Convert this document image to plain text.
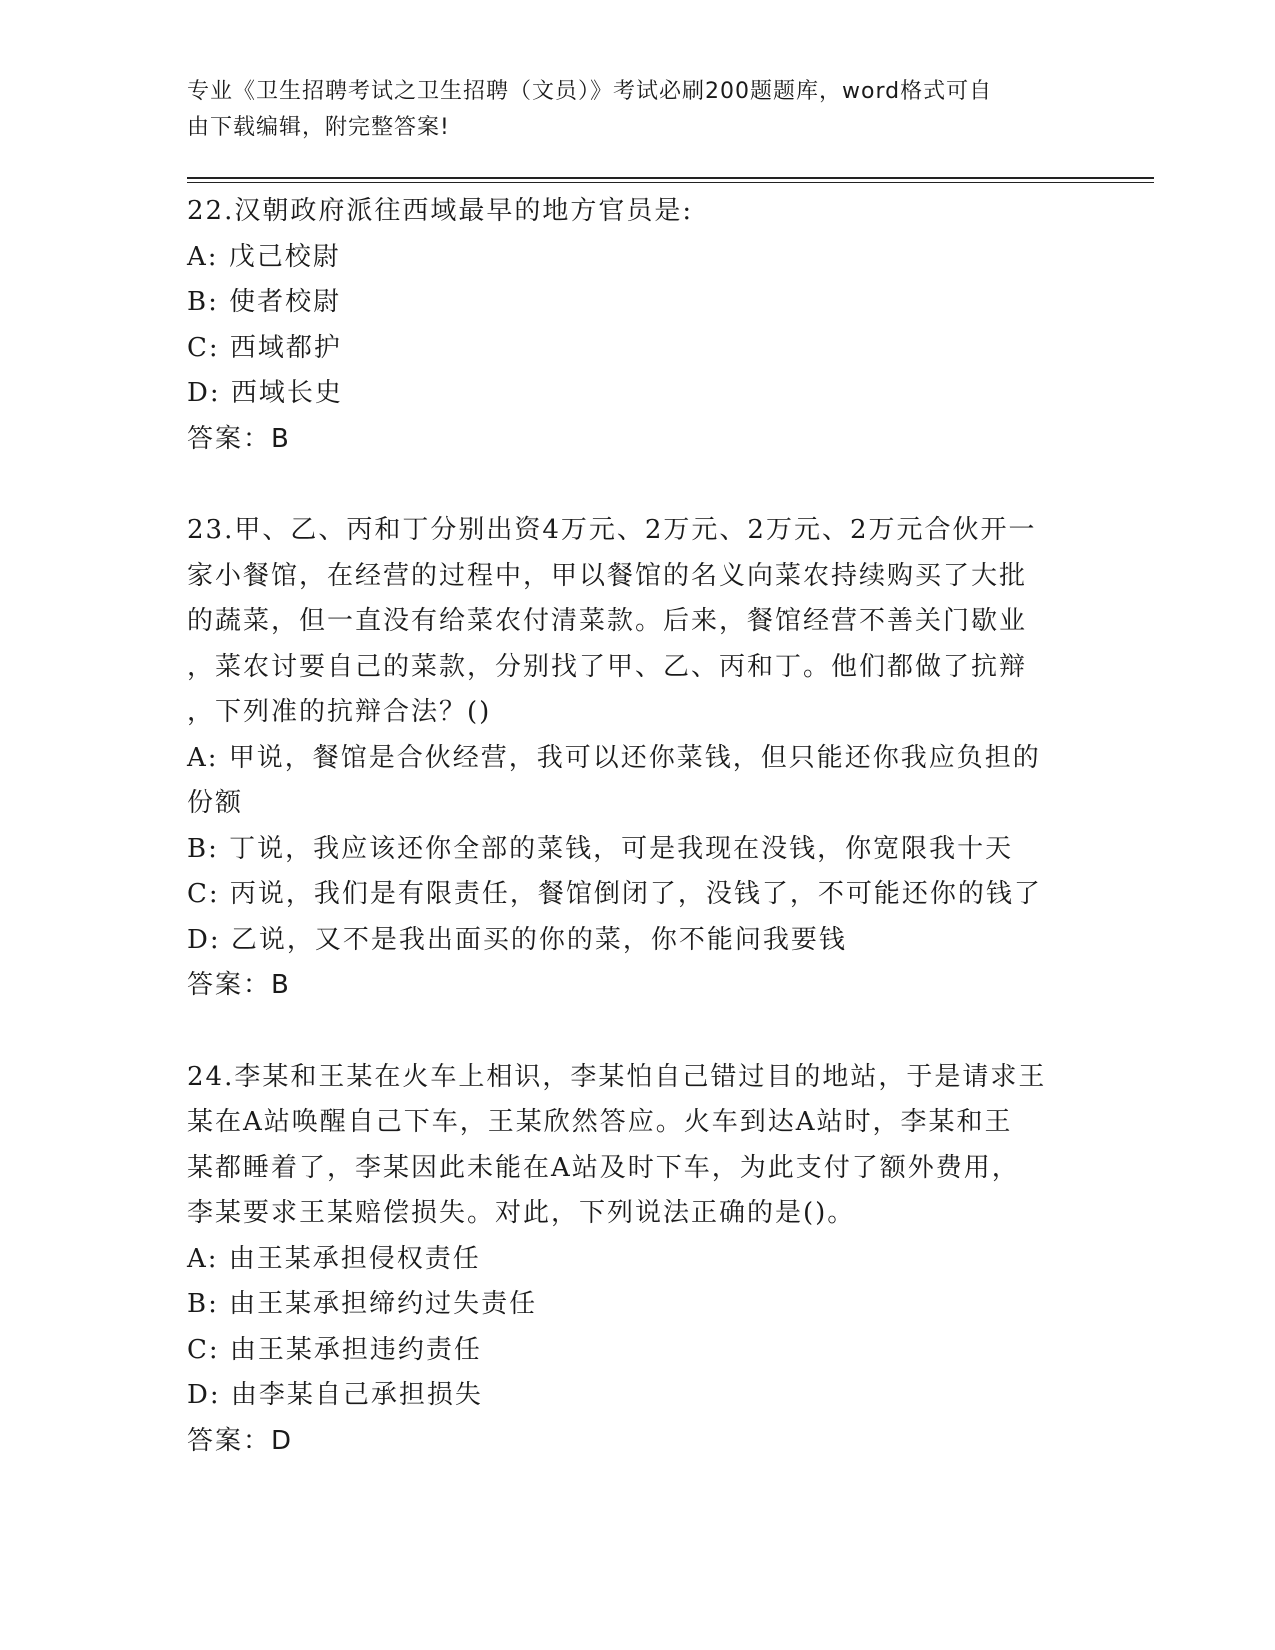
专业《卫生招聘考试之卫生招聘（文员）》考试必刷200题题库，word格式可自
由下载编辑，附完整答案!

22.汉朝政府派往西域最早的地方官员是:

A: 戊己校尉

B: 使者校尉

C: 西域都护

D: 西域长史

答案：B

23.甲、乙、丙和丁分别出资4万元、2万元、2万元、2万元合伙开一

家小餐馆，在经营的过程中，甲以餐馆的名义向菜农持续购买了大批

的蔬菜，但一直没有给菜农付清菜款。后来，餐馆经营不善关门歇业

，菜农讨要自己的菜款，分别找了甲、乙、丙和丁。他们都做了抗辩

，下列准的抗辩合法？()

A: 甲说，餐馆是合伙经营，我可以还你菜钱，但只能还你我应负担的

份额

B: 丁说，我应该还你全部的菜钱，可是我现在没钱，你宽限我十天

C: 丙说，我们是有限责任，餐馆倒闭了，没钱了，不可能还你的钱了

D: 乙说，又不是我出面买的你的菜，你不能问我要钱

答案：B

24.李某和王某在火车上相识，李某怕自己错过目的地站，于是请求王

某在A站唤醒自己下车，王某欣然答应。火车到达A站时，李某和王

某都睡着了，李某因此未能在A站及时下车，为此支付了额外费用，

李某要求王某赔偿损失。对此，下列说法正确的是()。

A: 由王某承担侵权责任

B: 由王某承担缔约过失责任

C: 由王某承担违约责任

D: 由李某自己承担损失

答案：D
